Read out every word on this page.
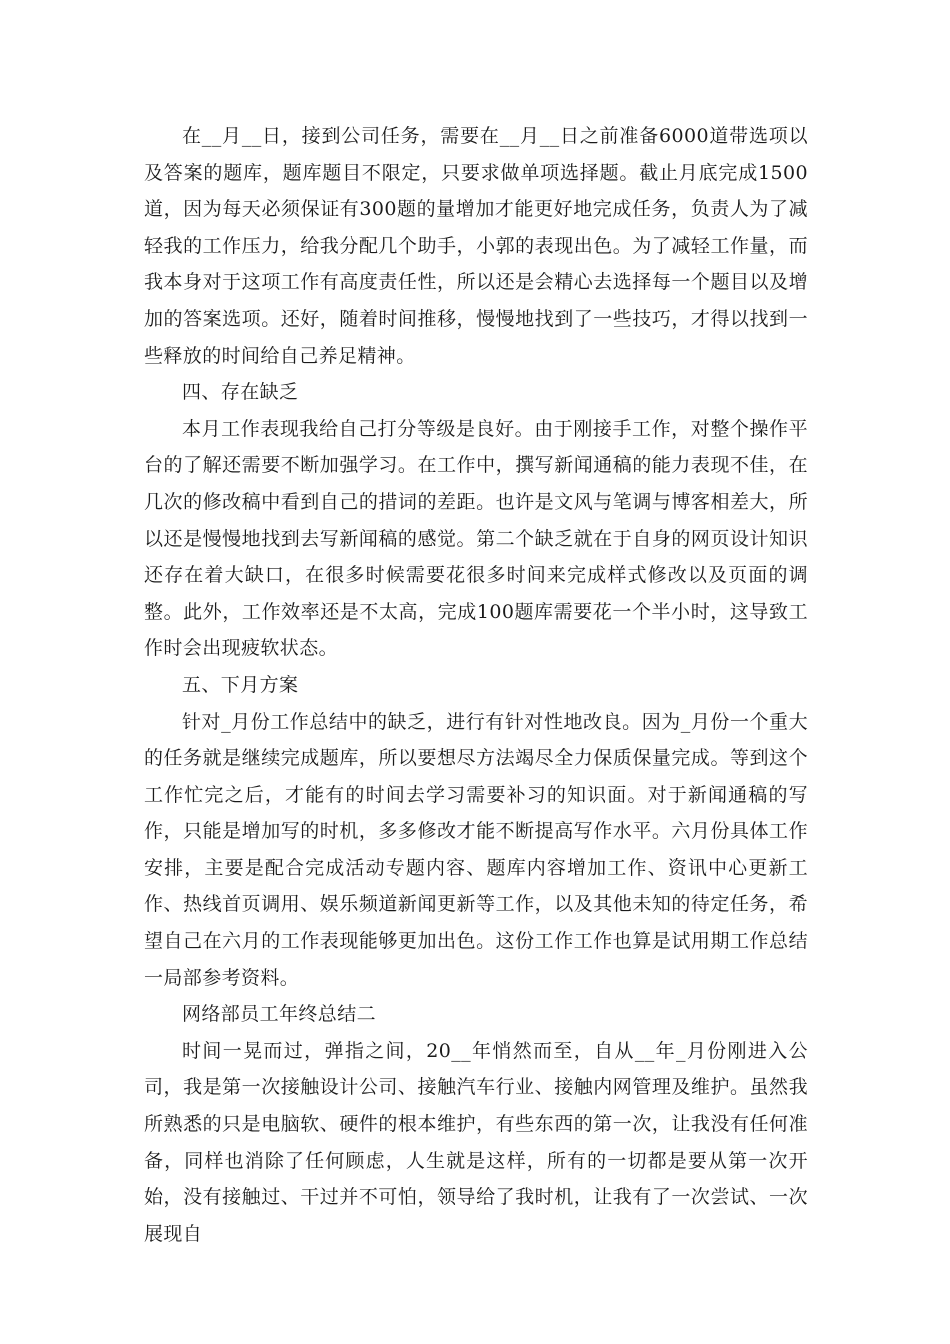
在__月__日，接到公司任务，需要在__月__日之前准备6000道带选项以及答案的题库，题库题目不限定，只要求做单项选择题。截止月底完成1500道，因为每天必须保证有300题的量增加才能更好地完成任务，负责人为了减轻我的工作压力，给我分配几个助手，小郭的表现出色。为了减轻工作量，而我本身对于这项工作有高度责任性，所以还是会精心去选择每一个题目以及增加的答案选项。还好，随着时间推移，慢慢地找到了一些技巧，才得以找到一些释放的时间给自己养足精神。

四、存在缺乏

本月工作表现我给自己打分等级是良好。由于刚接手工作，对整个操作平台的了解还需要不断加强学习。在工作中，撰写新闻通稿的能力表现不佳，在几次的修改稿中看到自己的措词的差距。也许是文风与笔调与博客相差大，所以还是慢慢地找到去写新闻稿的感觉。第二个缺乏就在于自身的网页设计知识还存在着大缺口，在很多时候需要花很多时间来完成样式修改以及页面的调整。此外，工作效率还是不太高，完成100题库需要花一个半小时，这导致工作时会出现疲软状态。

五、下月方案

针对_月份工作总结中的缺乏，进行有针对性地改良。因为_月份一个重大的任务就是继续完成题库，所以要想尽方法竭尽全力保质保量完成。等到这个工作忙完之后，才能有的时间去学习需要补习的知识面。对于新闻通稿的写作，只能是增加写的时机，多多修改才能不断提高写作水平。六月份具体工作安排，主要是配合完成活动专题内容、题库内容增加工作、资讯中心更新工作、热线首页调用、娱乐频道新闻更新等工作，以及其他未知的待定任务，希望自己在六月的工作表现能够更加出色。这份工作工作也算是试用期工作总结一局部参考资料。

网络部员工年终总结二

时间一晃而过，弹指之间，20__年悄然而至，自从__年_月份刚进入公司，我是第一次接触设计公司、接触汽车行业、接触内网管理及维护。虽然我所熟悉的只是电脑软、硬件的根本维护，有些东西的第一次，让我没有任何准备，同样也消除了任何顾虑，人生就是这样，所有的一切都是要从第一次开始，没有接触过、干过并不可怕，领导给了我时机，让我有了一次尝试、一次展现自
